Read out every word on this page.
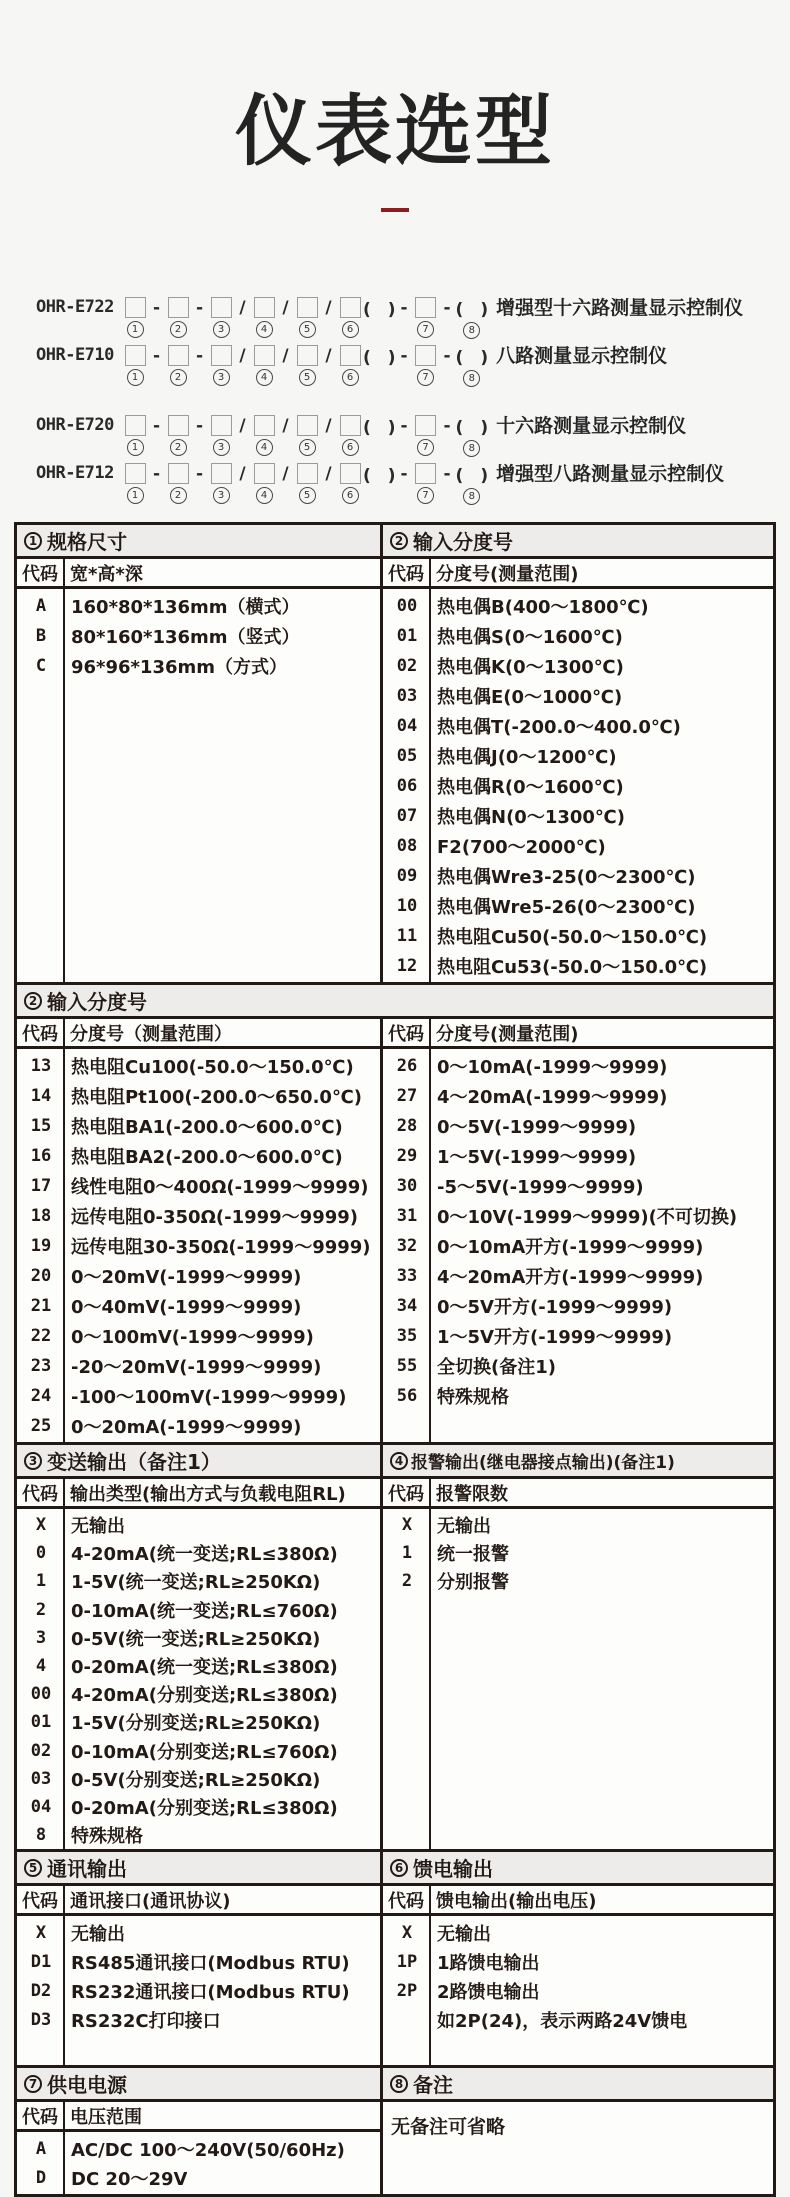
仪表选型
OHR-E710
1
-
2
-
3
/
4
/
5
/
6
(　) -
7
- (　)
8
八路测量显示控制仪
OHR-E720
1
-
2
-
3
/
4
/
5
/
6
(　) -
7
- (　)
8
十六路测量显示控制仪
OHR-E712
1
-
2
-
3
/
4
/
5
/
6
(　) -
7
- (　)
8
增强型八路测量显示控制仪
OHR-E722
1
-
2
-
3
/
4
/
5
/
6
(　) -
7
- (　)
8
增强型十六路测量显示控制仪
1 规格尺寸
代码 宽*高*深
A	160*80*136mm（横式）
B	80*160*136mm（竖式）
C	96*96*136mm（方式）
2 输入分度号
代码 分度号(测量范围)
00	热电偶B(400～1800℃)
01	热电偶S(0～1600℃)
02	热电偶K(0～1300℃)
03	热电偶E(0～1000℃)
04	热电偶T(-200.0～400.0℃)
05	热电偶J(0～1200℃)
06	热电偶R(0～1600℃)
07	热电偶N(0～1300℃)
08	F2(700～2000℃)
09	热电偶Wre3-25(0～2300℃)
10	热电偶Wre5-26(0～2300℃)
11	热电阻Cu50(-50.0～150.0℃)
12	热电阻Cu53(-50.0～150.0℃)
2 输入分度号
代码 分度号（测量范围）
13	热电阻Cu100(-50.0～150.0℃)
14	热电阻Pt100(-200.0～650.0℃)
15	热电阻BA1(-200.0～600.0℃)
16	热电阻BA2(-200.0～600.0℃)
17	线性电阻0～400Ω(-1999～9999)
18	远传电阻0-350Ω(-1999～9999)
19	远传电阻30-350Ω(-1999～9999)
20	0～20mV(-1999～9999)
21	0～40mV(-1999～9999)
22	0～100mV(-1999～9999)
23	-20～20mV(-1999～9999)
24	-100～100mV(-1999～9999)
25	0～20mA(-1999～9999)
代码 分度号(测量范围)
26	0～10mA(-1999～9999)
27	4～20mA(-1999～9999)
28	0～5V(-1999～9999)
29	1～5V(-1999～9999)
30	-5～5V(-1999～9999)
31	0～10V(-1999～9999)(不可切换)
32	0～10mA开方(-1999～9999)
33	4～20mA开方(-1999～9999)
34	0～5V开方(-1999～9999)
35	1～5V开方(-1999～9999)
55	全切换(备注1)
56	特殊规格
3 变送输出（备注1）
代码 输出类型(输出方式与负载电阻RL)
X	无输出
0	4-20mA(统一变送;RL≤380Ω)
1	1-5V(统一变送;RL≥250KΩ)
2	0-10mA(统一变送;RL≤760Ω)
3	0-5V(统一变送;RL≥250KΩ)
4	0-20mA(统一变送;RL≤380Ω)
00	4-20mA(分别变送;RL≤380Ω)
01	1-5V(分别变送;RL≥250KΩ)
02	0-10mA(分别变送;RL≤760Ω)
03	0-5V(分别变送;RL≥250KΩ)
04	0-20mA(分别变送;RL≤380Ω)
8	特殊规格
4 报警输出(继电器接点输出)(备注1)
代码 报警限数
X	无输出
1	统一报警
2	分别报警
5 通讯输出
代码 通讯接口(通讯协议)
X	无输出
D1	RS485通讯接口(Modbus RTU)
D2	RS232通讯接口(Modbus RTU)
D3	RS232C打印接口
6 馈电输出
代码 馈电输出(输出电压)
X	无输出
1P	1路馈电输出
2P	2路馈电输出
如2P(24)，表示两路24V馈电
7 供电电源
代码 电压范围
A	AC/DC 100～240V(50/60Hz)
D	DC 20～29V
8 备注
无备注可省略
